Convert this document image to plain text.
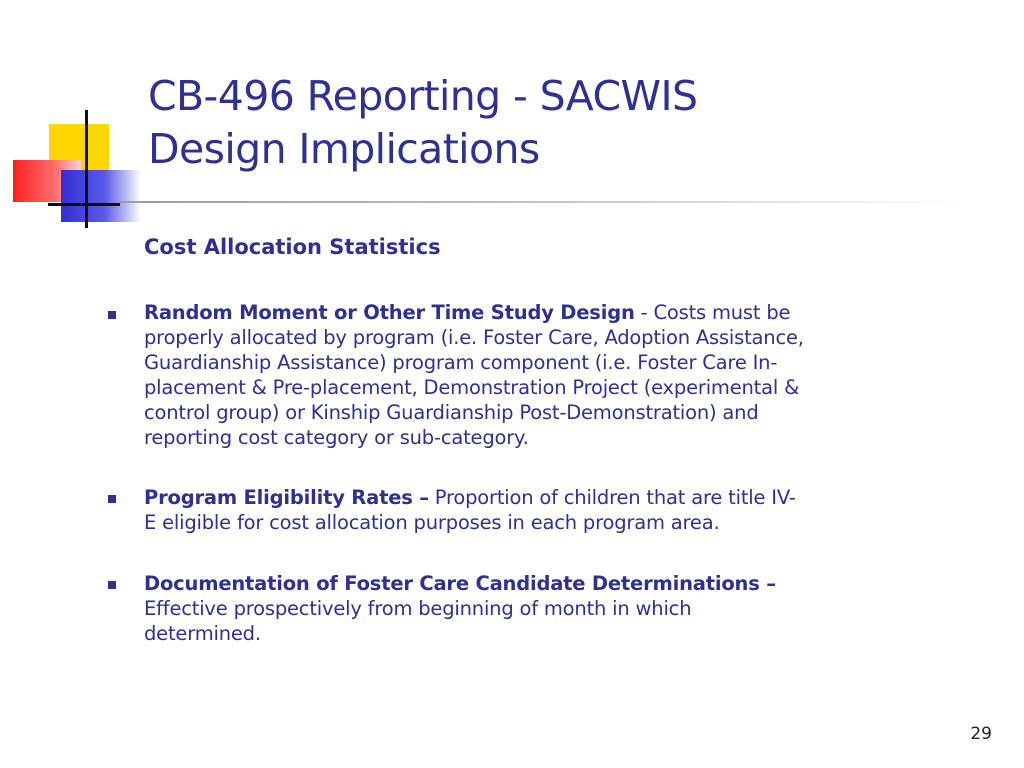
CB-496 Reporting - SACWIS
Design Implications
Cost Allocation Statistics
Random Moment or Other Time Study Design - Costs must be
properly allocated by program (i.e. Foster Care, Adoption Assistance,
Guardianship Assistance) program component (i.e. Foster Care In-
placement & Pre-placement, Demonstration Project (experimental &
control group) or Kinship Guardianship Post-Demonstration) and
reporting cost category or sub-category.
Program Eligibility Rates – Proportion of children that are title IV-
E eligible for cost allocation purposes in each program area.
Documentation of Foster Care Candidate Determinations –
Effective prospectively from beginning of month in which
determined.
29
